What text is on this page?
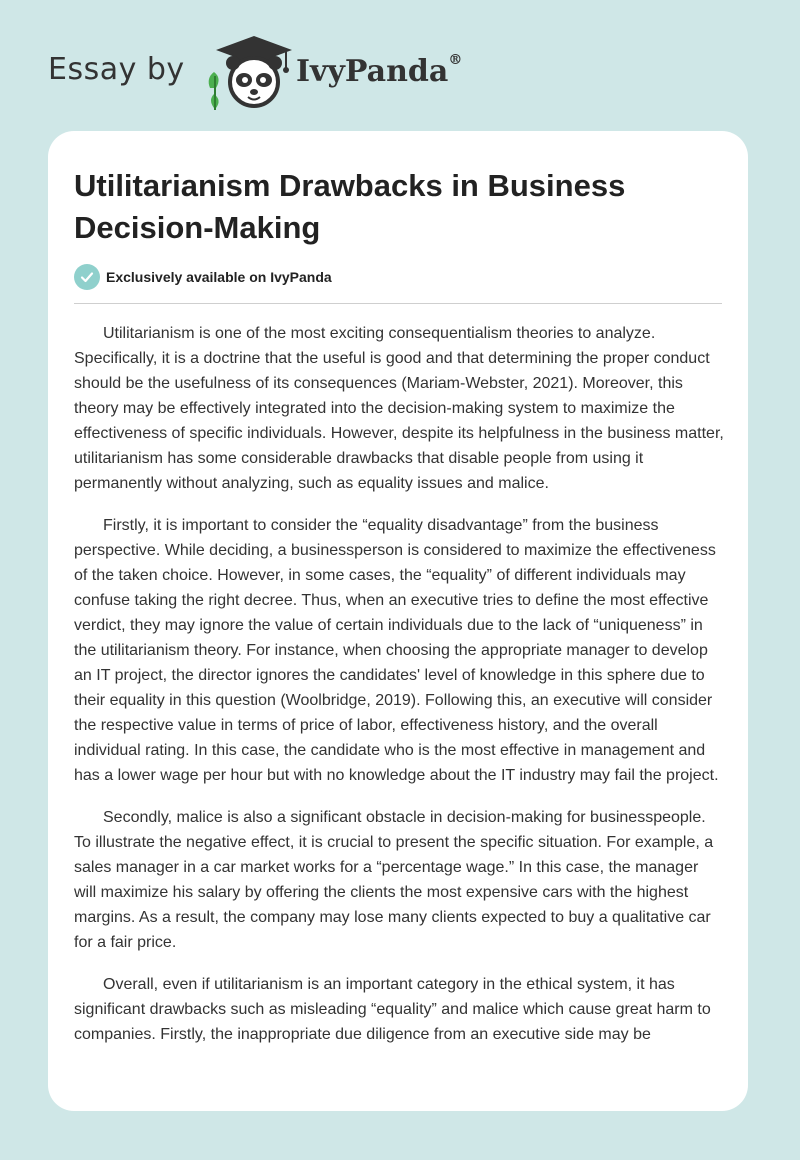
Essay by	IvyPanda®
Utilitarianism Drawbacks in Business Decision-Making
Exclusively available on IvyPanda

Utilitarianism is one of the most exciting consequentialism theories to analyze. Specifically, it is a doctrine that the useful is good and that determining the proper conduct should be the usefulness of its consequences (Mariam-Webster, 2021). Moreover, this theory may be effectively integrated into the decision-making system to maximize the effectiveness of specific individuals. However, despite its helpfulness in the business matter, utilitarianism has some considerable drawbacks that disable people from using it permanently without analyzing, such as equality issues and malice.

Firstly, it is important to consider the “equality disadvantage” from the business perspective. While deciding, a businessperson is considered to maximize the effectiveness of the taken choice. However, in some cases, the “equality” of different individuals may confuse taking the right decree. Thus, when an executive tries to define the most effective verdict, they may ignore the value of certain individuals due to the lack of “uniqueness” in the utilitarianism theory. For instance, when choosing the appropriate manager to develop an IT project, the director ignores the candidates' level of knowledge in this sphere due to their equality in this question (Woolbridge, 2019). Following this, an executive will consider the respective value in terms of price of labor, effectiveness history, and the overall individual rating. In this case, the candidate who is the most effective in management and has a lower wage per hour but with no knowledge about the IT industry may fail the project.

Secondly, malice is also a significant obstacle in decision-making for businesspeople. To illustrate the negative effect, it is crucial to present the specific situation. For example, a sales manager in a car market works for a “percentage wage.” In this case, the manager will maximize his salary by offering the clients the most expensive cars with the highest margins. As a result, the company may lose many clients expected to buy a qualitative car for a fair price.

Overall, even if utilitarianism is an important category in the ethical system, it has significant drawbacks such as misleading “equality” and malice which cause great harm to companies. Firstly, the inappropriate due diligence from an executive side may be
